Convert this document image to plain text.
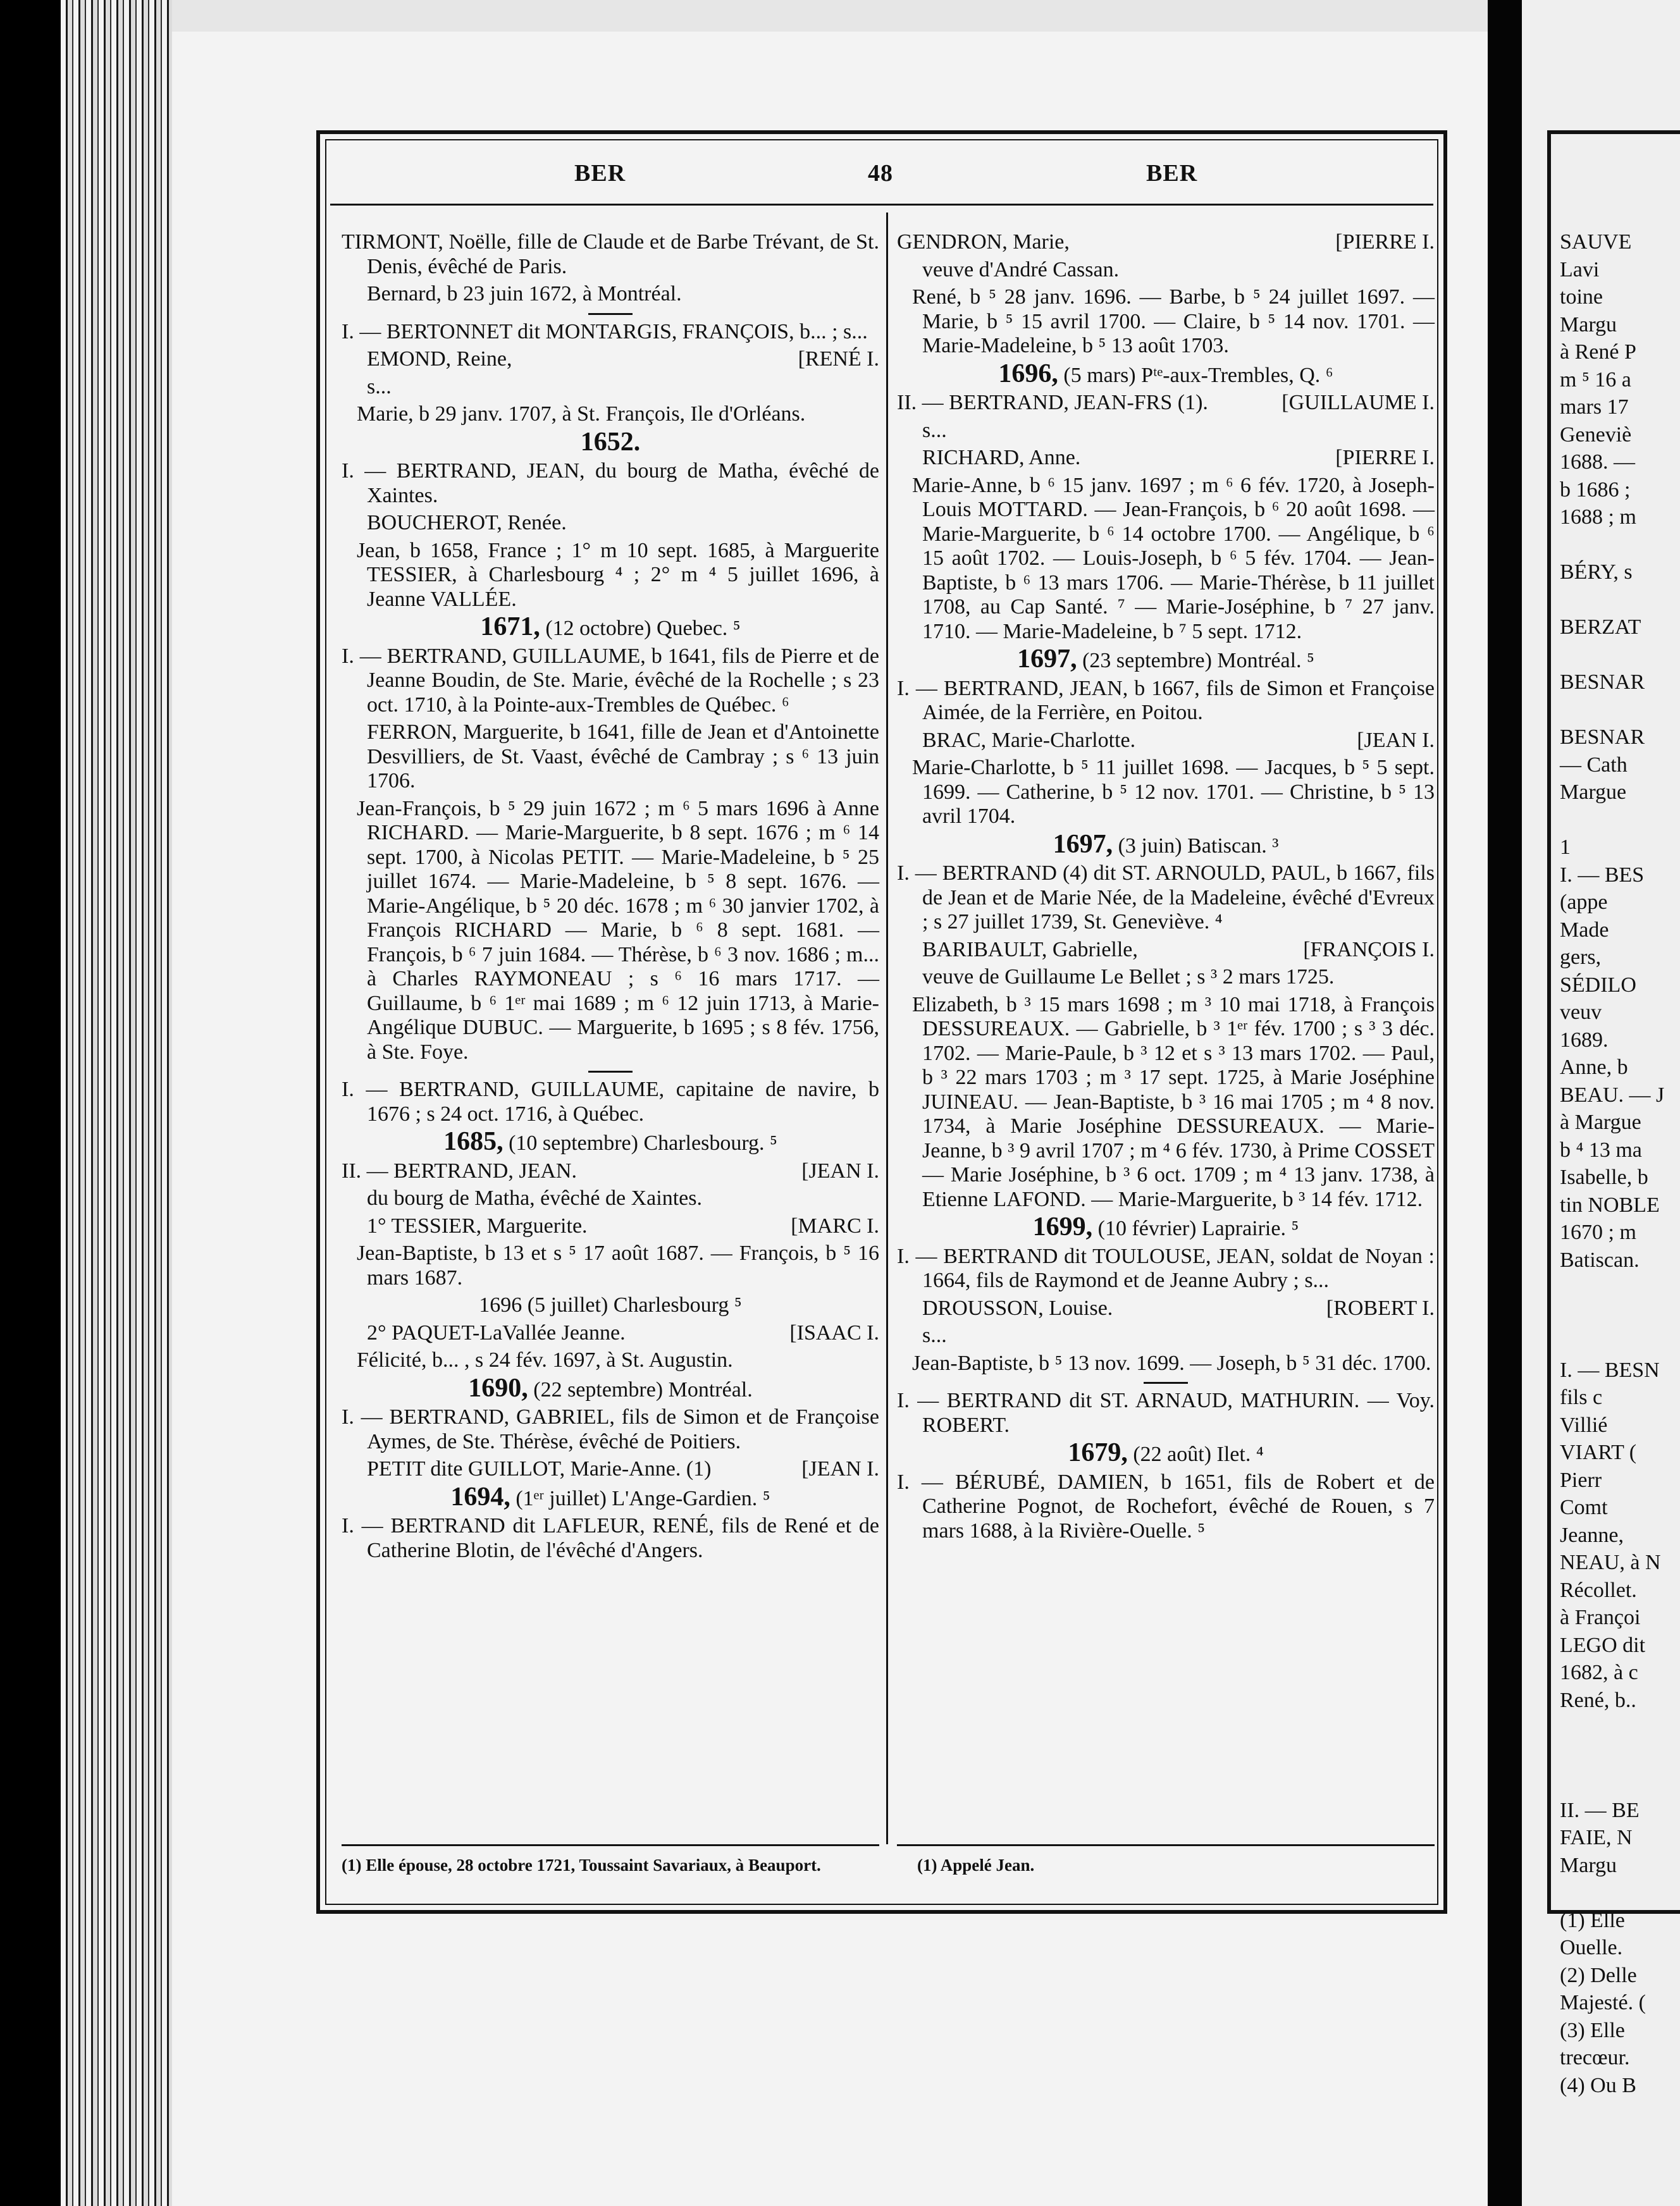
SAUVE

Lavi

toine

Margu

à René P

m ⁵ 16 a

mars 17

Geneviè

1688. —

b 1686 ;

1688 ; m

BÉRY, s

BERZAT

BESNAR

BESNAR

— Cath

Margue

1

I. — BES

(appe

Made

gers,

SÉDILO

veuv

1689.

Anne, b

BEAU. — J

à Margue

b ⁴ 13 ma

Isabelle, b

tin NOBLE

1670 ; m

Batiscan.

I. — BESN

fils c

Villié

VIART (

Pierr

Comt

Jeanne,

NEAU, à N

Récollet.

à Françoi

LEGO dit

1682, à c

René, b..

II. — BE

FAIE, N

Margu

(1) Elle

Ouelle.

(2) Delle

Majesté. (

(3) Elle

trecœur.

(4) Ou B

BER	48	BER

TIRMONT, Noëlle, fille de Claude et de Barbe Trévant, de St. Denis, évêché de Paris.

Bernard, b 23 juin 1672, à Montréal.

I. — BERTONNET dit MONTARGIS, FRANÇOIS, b... ; s...

[RENÉ I.
EMOND, Reine,

s...

Marie, b 29 janv. 1707, à St. François, Ile d'Orléans.

1652.

I. — BERTRAND, JEAN, du bourg de Matha, évêché de Xaintes.

BOUCHEROT, Renée.

Jean, b 1658, France ; 1° m 10 sept. 1685, à Marguerite TESSIER, à Charlesbourg ⁴ ; 2° m ⁴ 5 juillet 1696, à Jeanne VALLÉE.

1671, (12 octobre) Quebec. ⁵

I. — BERTRAND, GUILLAUME, b 1641, fils de Pierre et de Jeanne Boudin, de Ste. Marie, évêché de la Rochelle ; s 23 oct. 1710, à la Pointe-aux-Trembles de Québec. ⁶

FERRON, Marguerite, b 1641, fille de Jean et d'Antoinette Desvilliers, de St. Vaast, évêché de Cambray ; s ⁶ 13 juin 1706.

Jean-François, b ⁵ 29 juin 1672 ; m ⁶ 5 mars 1696 à Anne RICHARD. — Marie-Marguerite, b 8 sept. 1676 ; m ⁶ 14 sept. 1700, à Nicolas PETIT. — Marie-Madeleine, b ⁵ 25 juillet 1674. — Marie-Madeleine, b ⁵ 8 sept. 1676. — Marie-Angélique, b ⁵ 20 déc. 1678 ; m ⁶ 30 janvier 1702, à François RICHARD — Marie, b ⁶ 8 sept. 1681. — François, b ⁶ 7 juin 1684. — Thérèse, b ⁶ 3 nov. 1686 ; m... à Charles RAYMONEAU ; s ⁶ 16 mars 1717. — Guillaume, b ⁶ 1ᵉʳ mai 1689 ; m ⁶ 12 juin 1713, à Marie-Angélique DUBUC. — Marguerite, b 1695 ; s 8 fév. 1756, à Ste. Foye.

I. — BERTRAND, GUILLAUME, capitaine de navire, b 1676 ; s 24 oct. 1716, à Québec.

1685, (10 septembre) Charlesbourg. ⁵

[JEAN I.
II. — BERTRAND, JEAN.

du bourg de Matha, évêché de Xaintes.

[MARC I.
1° TESSIER, Marguerite.

Jean-Baptiste, b 13 et s ⁵ 17 août 1687. — François, b ⁵ 16 mars 1687.

1696 (5 juillet) Charlesbourg ⁵

[ISAAC I.
2° PAQUET-LaVallée Jeanne.

Félicité, b... , s 24 fév. 1697, à St. Augustin.

1690, (22 septembre) Montréal.

I. — BERTRAND, GABRIEL, fils de Simon et de Françoise Aymes, de Ste. Thérèse, évêché de Poitiers.

[JEAN I.
PETIT dite GUILLOT, Marie-Anne. (1)

1694, (1ᵉʳ juillet) L'Ange-Gardien. ⁵

I. — BERTRAND dit LAFLEUR, RENÉ, fils de René et de Catherine Blotin, de l'évêché d'Angers.

[PIERRE I.
GENDRON, Marie,

veuve d'André Cassan.

René, b ⁵ 28 janv. 1696. — Barbe, b ⁵ 24 juillet 1697. — Marie, b ⁵ 15 avril 1700. — Claire, b ⁵ 14 nov. 1701. — Marie-Madeleine, b ⁵ 13 août 1703.

1696, (5 mars) Pᵗᵉ-aux-Trembles, Q. ⁶

[GUILLAUME I.
II. — BERTRAND, JEAN-FRS (1).

s...

[PIERRE I.
RICHARD, Anne.

Marie-Anne, b ⁶ 15 janv. 1697 ; m ⁶ 6 fév. 1720, à Joseph-Louis MOTTARD. — Jean-François, b ⁶ 20 août 1698. — Marie-Marguerite, b ⁶ 14 octobre 1700. — Angélique, b ⁶ 15 août 1702. — Louis-Joseph, b ⁶ 5 fév. 1704. — Jean-Baptiste, b ⁶ 13 mars 1706. — Marie-Thérèse, b 11 juillet 1708, au Cap Santé. ⁷ — Marie-Joséphine, b ⁷ 27 janv. 1710. — Marie-Madeleine, b ⁷ 5 sept. 1712.

1697, (23 septembre) Montréal. ⁵

I. — BERTRAND, JEAN, b 1667, fils de Simon et Françoise Aimée, de la Ferrière, en Poitou.

[JEAN I.
BRAC, Marie-Charlotte.

Marie-Charlotte, b ⁵ 11 juillet 1698. — Jacques, b ⁵ 5 sept. 1699. — Catherine, b ⁵ 12 nov. 1701. — Christine, b ⁵ 13 avril 1704.

1697, (3 juin) Batiscan. ³

I. — BERTRAND (4) dit ST. ARNOULD, PAUL, b 1667, fils de Jean et de Marie Née, de la Madeleine, évêché d'Evreux ; s 27 juillet 1739, St. Geneviève. ⁴

[FRANÇOIS I.
BARIBAULT, Gabrielle,

veuve de Guillaume Le Bellet ; s ³ 2 mars 1725.

Elizabeth, b ³ 15 mars 1698 ; m ³ 10 mai 1718, à François DESSUREAUX. — Gabrielle, b ³ 1ᵉʳ fév. 1700 ; s ³ 3 déc. 1702. — Marie-Paule, b ³ 12 et s ³ 13 mars 1702. — Paul, b ³ 22 mars 1703 ; m ³ 17 sept. 1725, à Marie Joséphine JUINEAU. — Jean-Baptiste, b ³ 16 mai 1705 ; m ⁴ 8 nov. 1734, à Marie Joséphine DESSUREAUX. — Marie-Jeanne, b ³ 9 avril 1707 ; m ⁴ 6 fév. 1730, à Prime COSSET — Marie Joséphine, b ³ 6 oct. 1709 ; m ⁴ 13 janv. 1738, à Etienne LAFOND. — Marie-Marguerite, b ³ 14 fév. 1712.

1699, (10 février) Laprairie. ⁵

I. — BERTRAND dit TOULOUSE, JEAN, soldat de Noyan : 1664, fils de Raymond et de Jeanne Aubry ; s...

[ROBERT I.
DROUSSON, Louise.

s...

Jean-Baptiste, b ⁵ 13 nov. 1699. — Joseph, b ⁵ 31 déc. 1700.

I. — BERTRAND dit ST. ARNAUD, MATHURIN. — Voy. ROBERT.

1679, (22 août) Ilet. ⁴

I. — BÉRUBÉ, DAMIEN, b 1651, fils de Robert et de Catherine Pognot, de Rochefort, évêché de Rouen, s 7 mars 1688, à la Rivière-Ouelle. ⁵

(1) Elle épouse, 28 octobre 1721, Toussaint Savariaux, à Beauport.	(1) Appelé Jean.
